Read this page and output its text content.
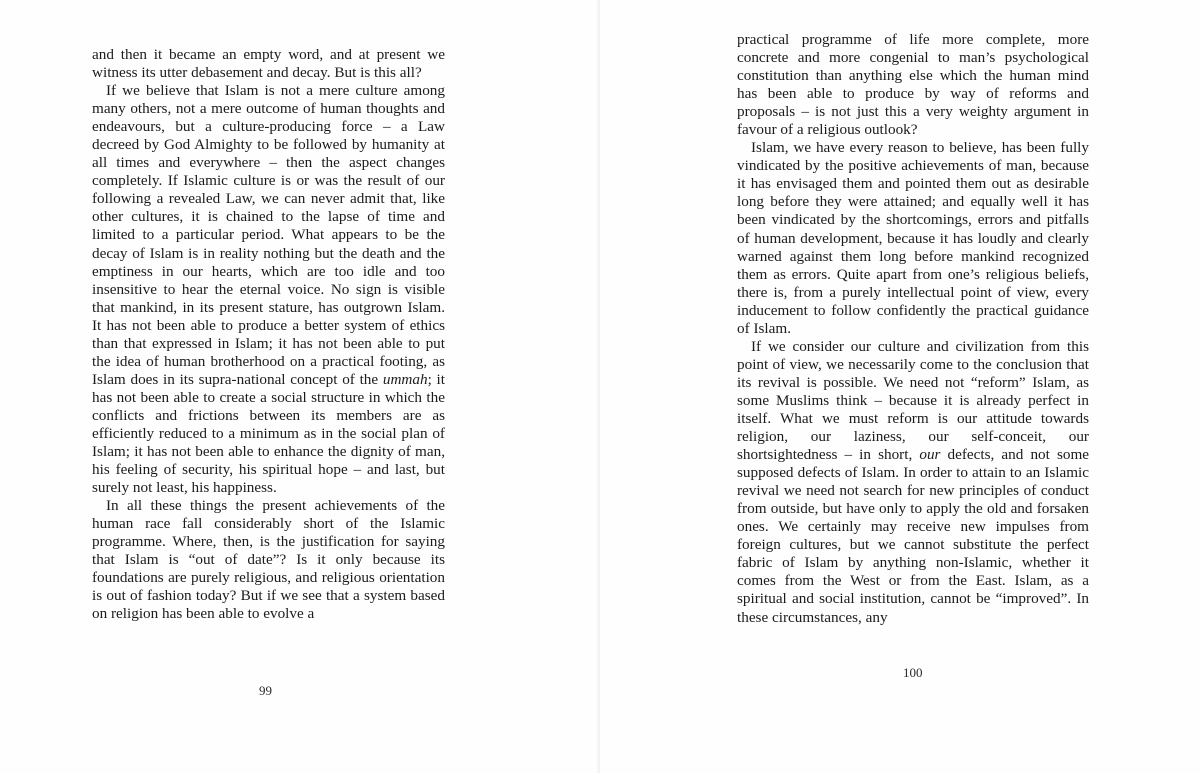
and then it became an empty word, and at present we witness its utter debasement and decay. But is this all?

If we believe that Islam is not a mere culture among many others, not a mere outcome of human thoughts and endeavours, but a culture-producing force – a Law decreed by God Almighty to be followed by humanity at all times and everywhere – then the aspect changes completely. If Islamic culture is or was the result of our following a revealed Law, we can never admit that, like other cultures, it is chained to the lapse of time and limited to a particular period. What appears to be the decay of Islam is in reality nothing but the death and the emptiness in our hearts, which are too idle and too insensitive to hear the eternal voice. No sign is visible that mankind, in its present stature, has outgrown Islam. It has not been able to produce a better system of ethics than that expressed in Islam; it has not been able to put the idea of human brotherhood on a practical footing, as Islam does in its supra-national concept of the ummah; it has not been able to create a social structure in which the conflicts and frictions between its members are as efficiently reduced to a minimum as in the social plan of Islam; it has not been able to enhance the dignity of man, his feeling of security, his spiritual hope – and last, but surely not least, his happiness.

In all these things the present achievements of the human race fall considerably short of the Islamic programme. Where, then, is the justification for saying that Islam is “out of date”? Is it only because its foundations are purely religious, and religious orientation is out of fashion today? But if we see that a system based on religion has been able to evolve a

99

practical programme of life more complete, more concrete and more congenial to man’s psychological constitution than anything else which the human mind has been able to produce by way of reforms and proposals – is not just this a very weighty argument in favour of a religious outlook?

Islam, we have every reason to believe, has been fully vindicated by the positive achievements of man, because it has envisaged them and pointed them out as desirable long before they were attained; and equally well it has been vindicated by the shortcomings, errors and pitfalls of human development, because it has loudly and clearly warned against them long before mankind recognized them as errors. Quite apart from one’s religious beliefs, there is, from a purely intellectual point of view, every inducement to follow confidently the practical guidance of Islam.

If we consider our culture and civilization from this point of view, we necessarily come to the conclusion that its revival is possible. We need not “reform” Islam, as some Muslims think – because it is already perfect in itself. What we must reform is our attitude towards religion, our laziness, our self-conceit, our shortsightedness – in short, our defects, and not some supposed defects of Islam. In order to attain to an Islamic revival we need not search for new principles of conduct from outside, but have only to apply the old and forsaken ones. We certainly may receive new impulses from foreign cultures, but we cannot substitute the perfect fabric of Islam by anything non-Islamic, whether it comes from the West or from the East. Islam, as a spiritual and social institution, cannot be “improved”. In these circumstances, any

100
